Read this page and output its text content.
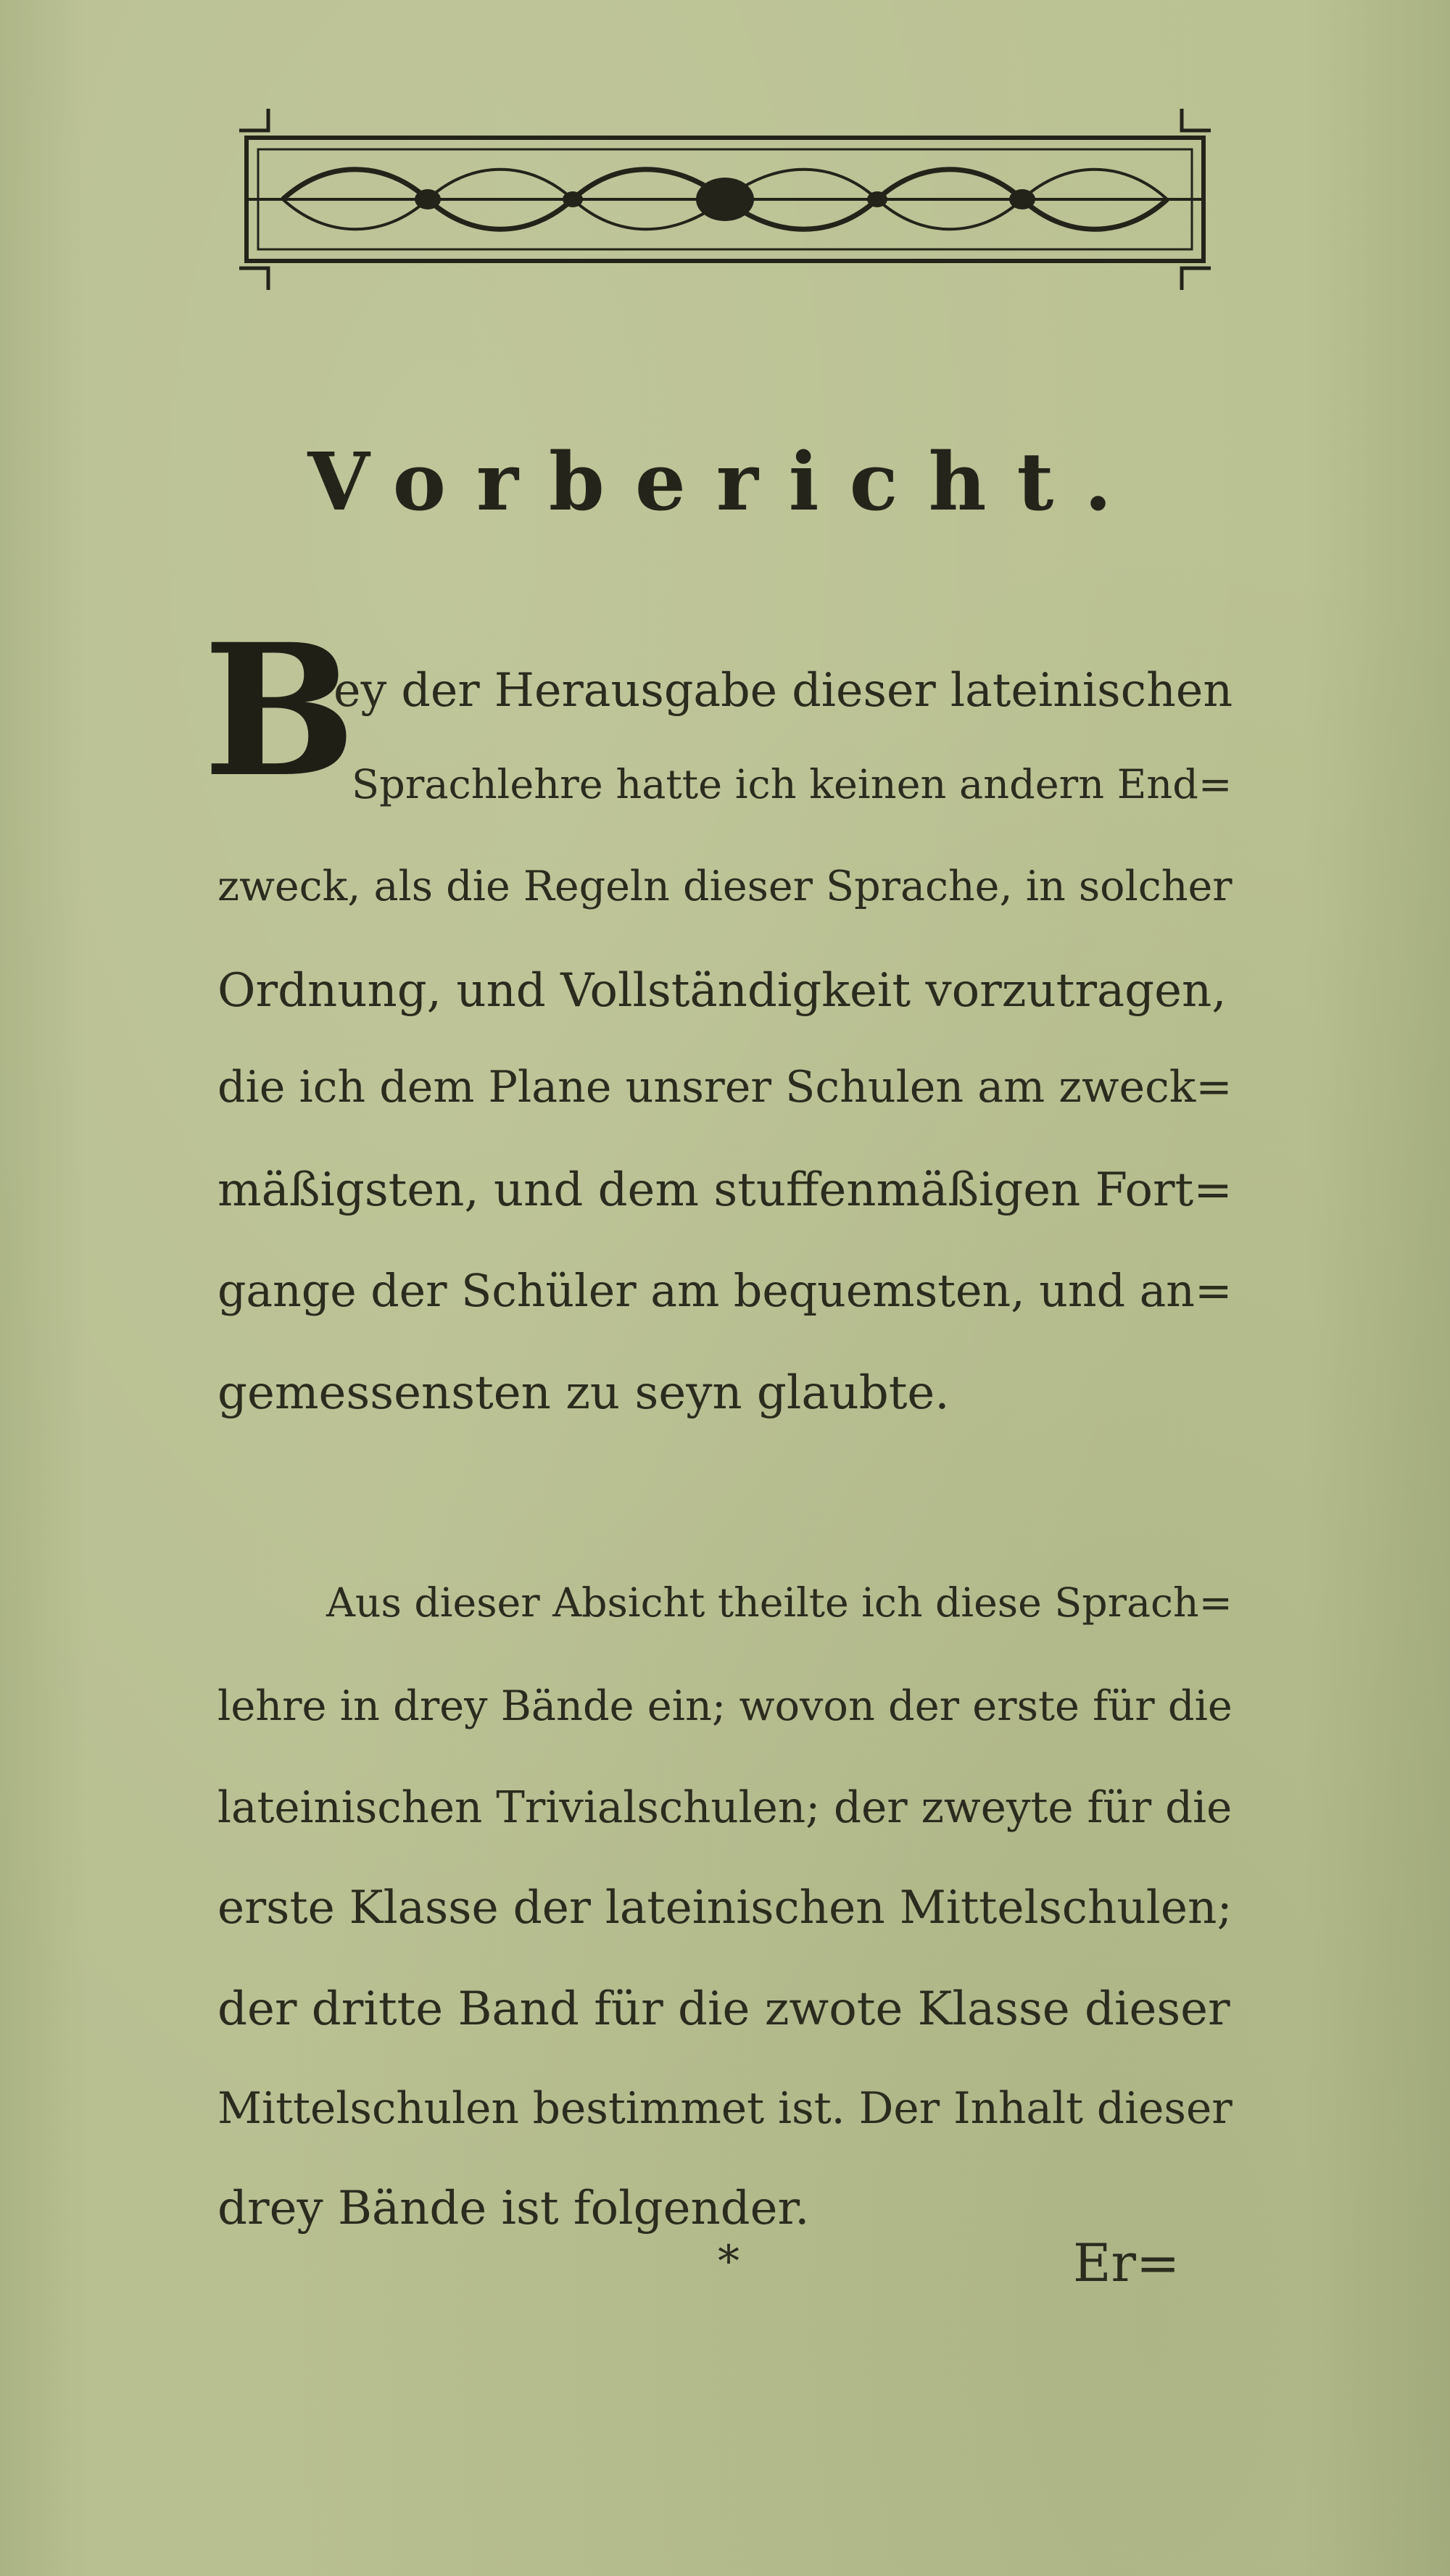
Vorbericht.
B
ey der Herausgabe dieser lateinischen
Sprachlehre hatte ich keinen andern End=
zweck, als die Regeln dieser Sprache, in solcher
Ordnung, und Vollständigkeit vorzutragen,
die ich dem Plane unsrer Schulen am zweck=
mäßigsten, und dem stuffenmäßigen Fort=
gange der Schüler am bequemsten, und an=
gemessensten zu seyn glaubte.
Aus dieser Absicht theilte ich diese Sprach=
lehre in drey Bände ein; wovon der erste für die
lateinischen Trivialschulen; der zweyte für die
erste Klasse der lateinischen Mittelschulen;
der dritte Band für die zwote Klasse dieser
Mittelschulen bestimmet ist. Der Inhalt dieser
drey Bände ist folgender.
*	Er=
